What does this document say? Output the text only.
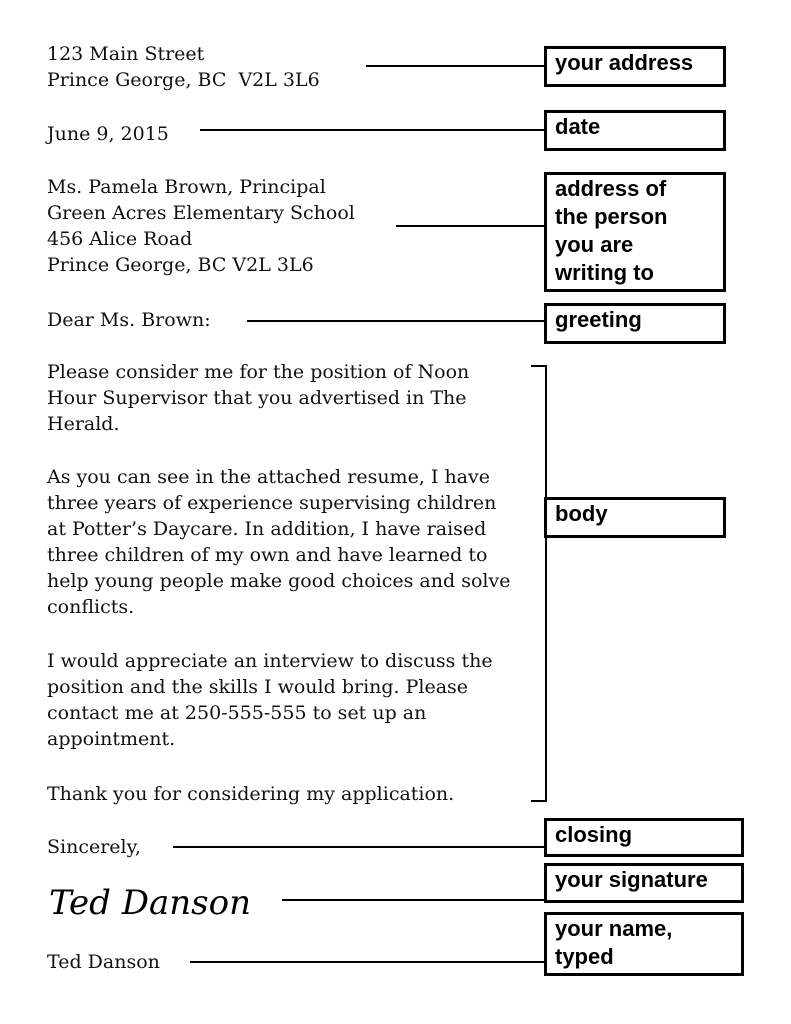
123 Main Street
Prince George, BC  V2L 3L6
your address
June 9, 2015	date
Ms. Pamela Brown, Principal
Green Acres Elementary School
456 Alice Road
Prince George, BC V2L 3L6
address of
the person
you are
writing to
Dear Ms. Brown:	greeting
Please consider me for the position of Noon
Hour Supervisor that you advertised in The
Herald.
As you can see in the attached resume, I have
three years of experience supervising children
at Potter’s Daycare. In addition, I have raised
three children of my own and have learned to
help young people make good choices and solve
conflicts.
I would appreciate an interview to discuss the
position and the skills I would bring. Please
contact me at 250-555-555 to set up an
appointment.
Thank you for considering my application.
body
Sincerely,	closing
Ted Danson
your signature
Ted Danson
your name,
typed
